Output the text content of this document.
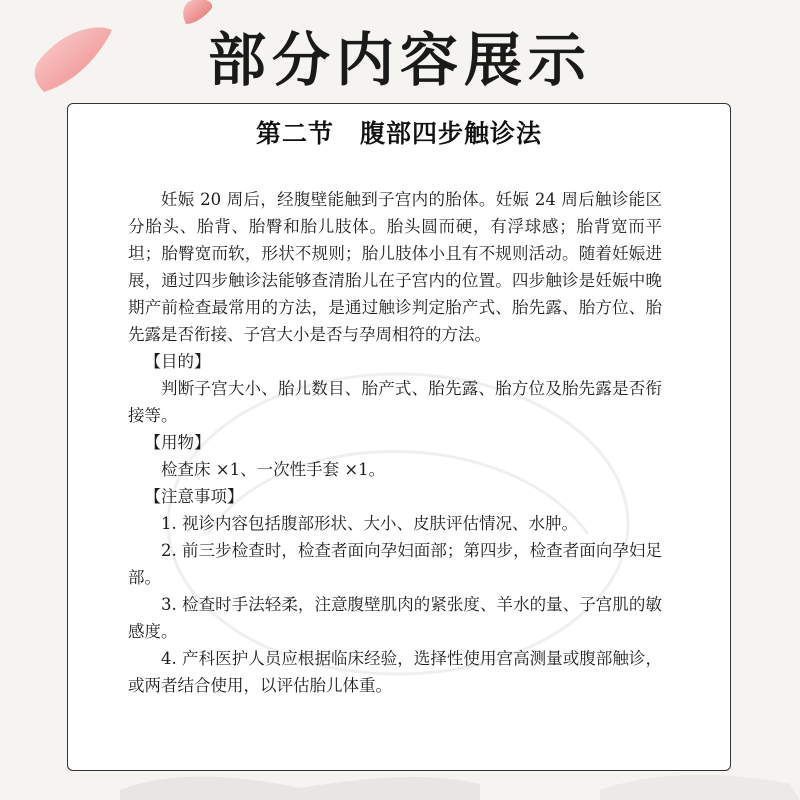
部分内容展示
第二节　腹部四步触诊法

妊娠 20 周后，经腹壁能触到子宫内的胎体。妊娠 24 周后触诊能区分胎头、胎背、胎臀和胎儿肢体。胎头圆而硬，有浮球感；胎背宽而平坦；胎臀宽而软，形状不规则；胎儿肢体小且有不规则活动。随着妊娠进展，通过四步触诊法能够查清胎儿在子宫内的位置。四步触诊是妊娠中晚期产前检查最常用的方法，是通过触诊判定胎产式、胎先露、胎方位、胎先露是否衔接、子宫大小是否与孕周相符的方法。

【目的】

判断子宫大小、胎儿数目、胎产式、胎先露、胎方位及胎先露是否衔接等。

【用物】

检查床 ×1、一次性手套 ×1。

【注意事项】

1. 视诊内容包括腹部形状、大小、皮肤评估情况、水肿。

2. 前三步检查时，检查者面向孕妇面部；第四步，检查者面向孕妇足部。

3. 检查时手法轻柔，注意腹壁肌肉的紧张度、羊水的量、子宫肌的敏感度。

4. 产科医护人员应根据临床经验，选择性使用宫高测量或腹部触诊，或两者结合使用，以评估胎儿体重。
